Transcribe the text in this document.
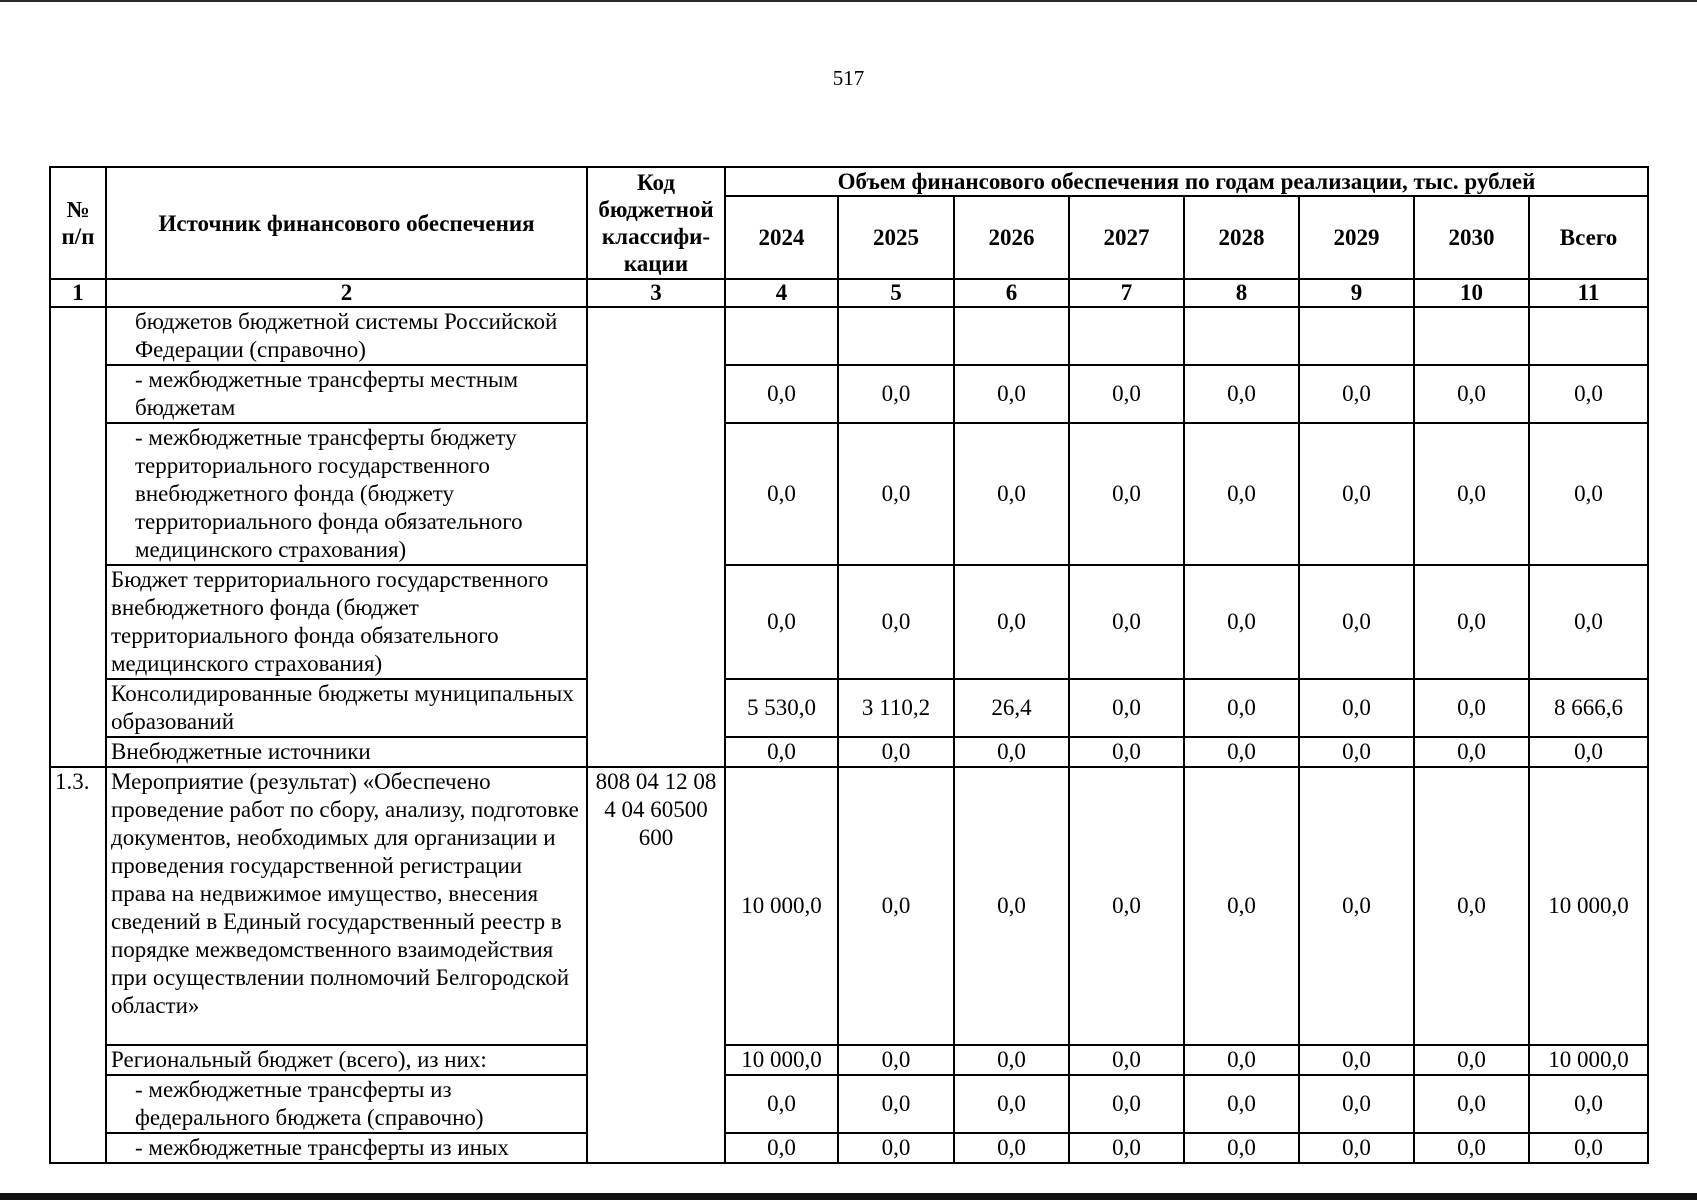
517
№ п/п	Источник финансового обеспечения	Код бюджетной классифи-кации	Объем финансового обеспечения по годам реализации, тыс. рублей							
			2024	2025	2026	2027	2028	2029	2030	Всего
1	2	3	4	5	6	7	8	9	10	11
	бюджетов бюджетной системы Российской Федерации (справочно)									
	- межбюджетные трансферты местным бюджетам		0,0	0,0	0,0	0,0	0,0	0,0	0,0	0,0
	- межбюджетные трансферты бюджету территориального государственного внебюджетного фонда (бюджету территориального фонда обязательного медицинского страхования)		0,0	0,0	0,0	0,0	0,0	0,0	0,0	0,0
	Бюджет территориального государственного внебюджетного фонда (бюджет территориального фонда обязательного медицинского страхования)		0,0	0,0	0,0	0,0	0,0	0,0	0,0	0,0
	Консолидированные бюджеты муниципальных образований		5 530,0	3 110,2	26,4	0,0	0,0	0,0	0,0	8 666,6
	Внебюджетные источники		0,0	0,0	0,0	0,0	0,0	0,0	0,0	0,0
1.3.	Мероприятие (результат) «Обеспечено проведение работ по сбору, анализу, подготовке документов, необходимых для организации и проведения государственной регистрации права на недвижимое имущество, внесения сведений в Единый государственный реестр в порядке межведомственного взаимодействия при осуществлении полномочий Белгородской области»	808 04 12 08 4 04 60500 600	10 000,0	0,0	0,0	0,0	0,0	0,0	0,0	10 000,0
	Региональный бюджет (всего), из них:		10 000,0	0,0	0,0	0,0	0,0	0,0	0,0	10 000,0
	- межбюджетные трансферты из федерального бюджета (справочно)		0,0	0,0	0,0	0,0	0,0	0,0	0,0	0,0
	- межбюджетные трансферты из иных		0,0	0,0	0,0	0,0	0,0	0,0	0,0	0,0
